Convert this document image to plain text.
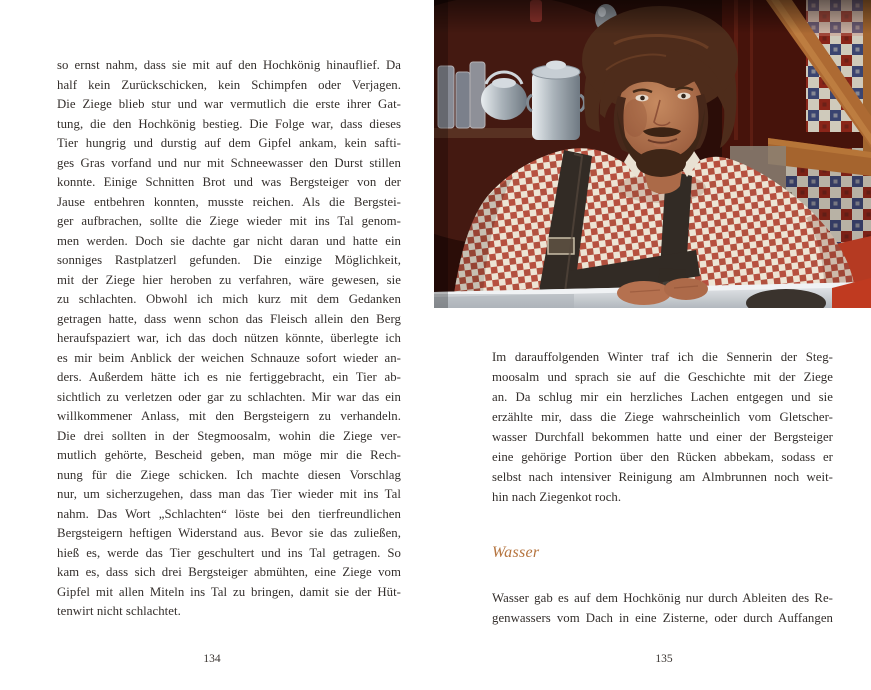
so ernst nahm, dass sie mit auf den Hochkönig hinauflief. Da
half kein Zurückschicken, kein Schimpfen oder Verjagen.
Die Ziege blieb stur und war vermutlich die erste ihrer Gat-
tung, die den Hochkönig bestieg. Die Folge war, dass dieses
Tier hungrig und durstig auf dem Gipfel ankam, kein safti-
ges Gras vorfand und nur mit Schneewasser den Durst stillen
konnte. Einige Schnitten Brot und was Bergsteiger von der
Jause entbehren konnten, musste reichen. Als die Bergstei-
ger aufbrachen, sollte die Ziege wieder mit ins Tal genom-
men werden. Doch sie dachte gar nicht daran und hatte ein
sonniges Rastplatzerl gefunden. Die einzige Möglichkeit,
mit der Ziege hier heroben zu verfahren, wäre gewesen, sie
zu schlachten. Obwohl ich mich kurz mit dem Gedanken
getragen hatte, dass wenn schon das Fleisch allein den Berg
heraufspaziert war, ich das doch nützen könnte, überlegte ich
es mir beim Anblick der weichen Schnauze sofort wieder an-
ders. Außerdem hätte ich es nie fertiggebracht, ein Tier ab-
sichtlich zu verletzen oder gar zu schlachten. Mir war das ein
willkommener Anlass, mit den Bergsteigern zu verhandeln.
Die drei sollten in der Stegmoosalm, wohin die Ziege ver-
mutlich gehörte, Bescheid geben, man möge mir die Rech-
nung für die Ziege schicken. Ich machte diesen Vorschlag
nur, um sicherzugehen, dass man das Tier wieder mit ins Tal
nahm. Das Wort „Schlachten“ löste bei den tierfreundlichen
Bergsteigern heftigen Widerstand aus. Bevor sie das zuließen,
hieß es, werde das Tier geschultert und ins Tal getragen. So
kam es, dass sich drei Bergsteiger abmühten, eine Ziege vom
Gipfel mit allen Miteln ins Tal zu bringen, damit sie der Hüt-
tenwirt nicht schlachtet.
134
Im darauffolgenden Winter traf ich die Sennerin der Steg-
moosalm und sprach sie auf die Geschichte mit der Ziege
an. Da schlug mir ein herzliches Lachen entgegen und sie
erzählte mir, dass die Ziege wahrscheinlich vom Gletscher-
wasser Durchfall bekommen hatte und einer der Bergsteiger
eine gehörige Portion über den Rücken abbekam, sodass er
selbst nach intensiver Reinigung am Almbrunnen noch weit-
hin nach Ziegenkot roch.
Wasser
Wasser gab es auf dem Hochkönig nur durch Ableiten des Re-
genwassers vom Dach in eine Zisterne, oder durch Auffangen
135
